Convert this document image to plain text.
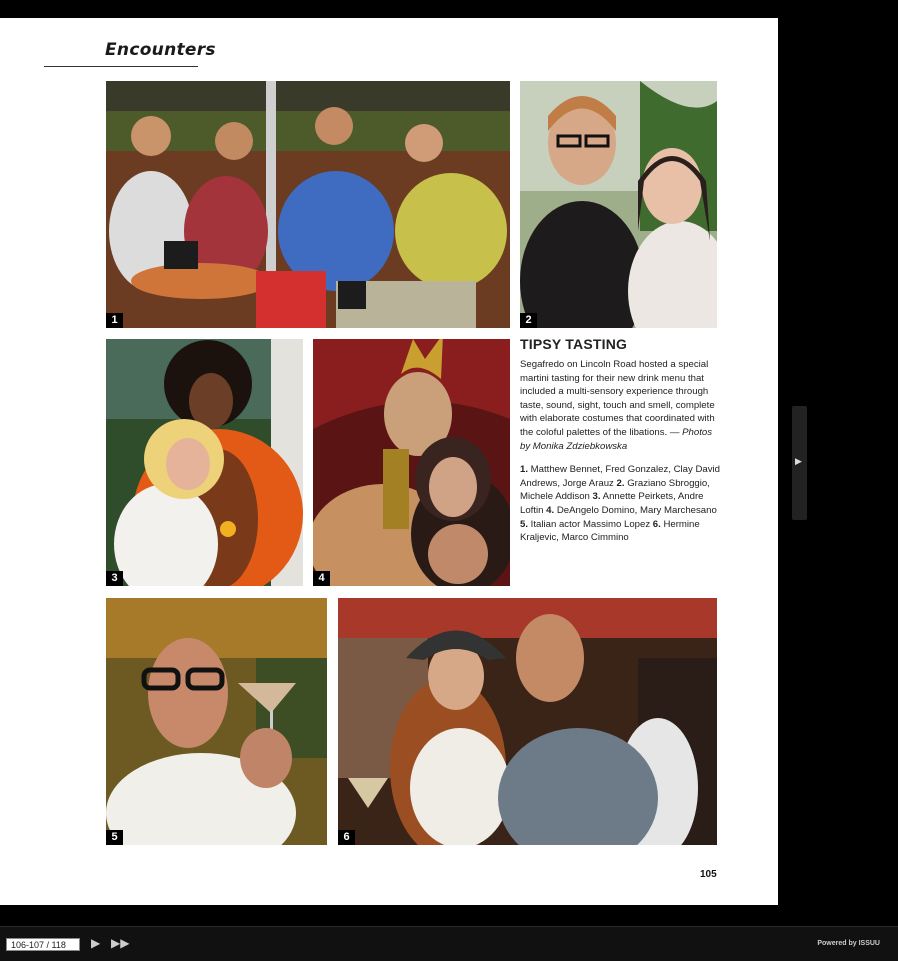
Encounters
1	2
3	4
5	6
TIPSY TASTING

Segafredo on Lincoln Road hosted a special martini tasting for their new drink menu that included a multi-sensory experience through taste, sound, sight, touch and smell, complete with elaborate costumes that coordinated with the coloful palettes of the libations. — Photos by Monika Zdziebkowska

1. Matthew Bennet, Fred Gonzalez, Clay David Andrews, Jorge Arauz 2. Graziano Sbroggio, Michele Addison 3. Annette Peirkets, Andre Loftin 4. DeAngelo Domino, Mary Marchesano 5. Italian actor Massimo Lopez 6. Hermine Kraljevic, Marco Cimmino

105
▶
106-107 / 118	▶ ▶▶	Powered by ISSUU
